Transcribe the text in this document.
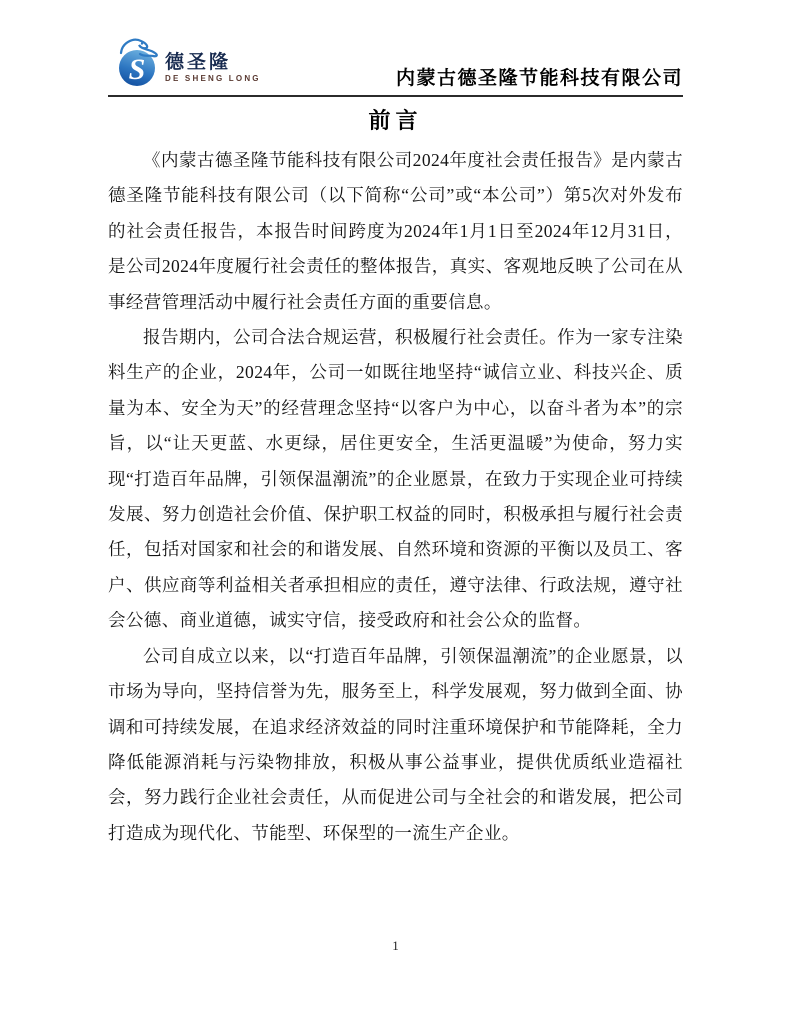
S 德圣隆
DE SHENG LONG	内蒙古德圣隆节能科技有限公司
前言

《内蒙古德圣隆节能科技有限公司2024年度社会责任报告》是内蒙古德圣隆节能科技有限公司（以下简称“公司”或“本公司”）第5次对外发布的社会责任报告，本报告时间跨度为2024年1月1日至2024年12月31日，是公司2024年度履行社会责任的整体报告，真实、客观地反映了公司在从事经营管理活动中履行社会责任方面的重要信息。

报告期内，公司合法合规运营，积极履行社会责任。作为一家专注染料生产的企业，2024年，公司一如既往地坚持“诚信立业、科技兴企、质量为本、安全为天”的经营理念坚持“以客户为中心，以奋斗者为本”的宗旨，以“让天更蓝、水更绿，居住更安全，生活更温暖”为使命，努力实现“打造百年品牌，引领保温潮流”的企业愿景，在致力于实现企业可持续发展、努力创造社会价值、保护职工权益的同时，积极承担与履行社会责任，包括对国家和社会的和谐发展、自然环境和资源的平衡以及员工、客户、供应商等利益相关者承担相应的责任，遵守法律、行政法规，遵守社会公德、商业道德，诚实守信，接受政府和社会公众的监督。

公司自成立以来，以“打造百年品牌，引领保温潮流”的企业愿景，以市场为导向，坚持信誉为先，服务至上，科学发展观，努力做到全面、协调和可持续发展，在追求经济效益的同时注重环境保护和节能降耗，全力降低能源消耗与污染物排放，积极从事公益事业，提供优质纸业造福社会，努力践行企业社会责任，从而促进公司与全社会的和谐发展，把公司打造成为现代化、节能型、环保型的一流生产企业。

1
